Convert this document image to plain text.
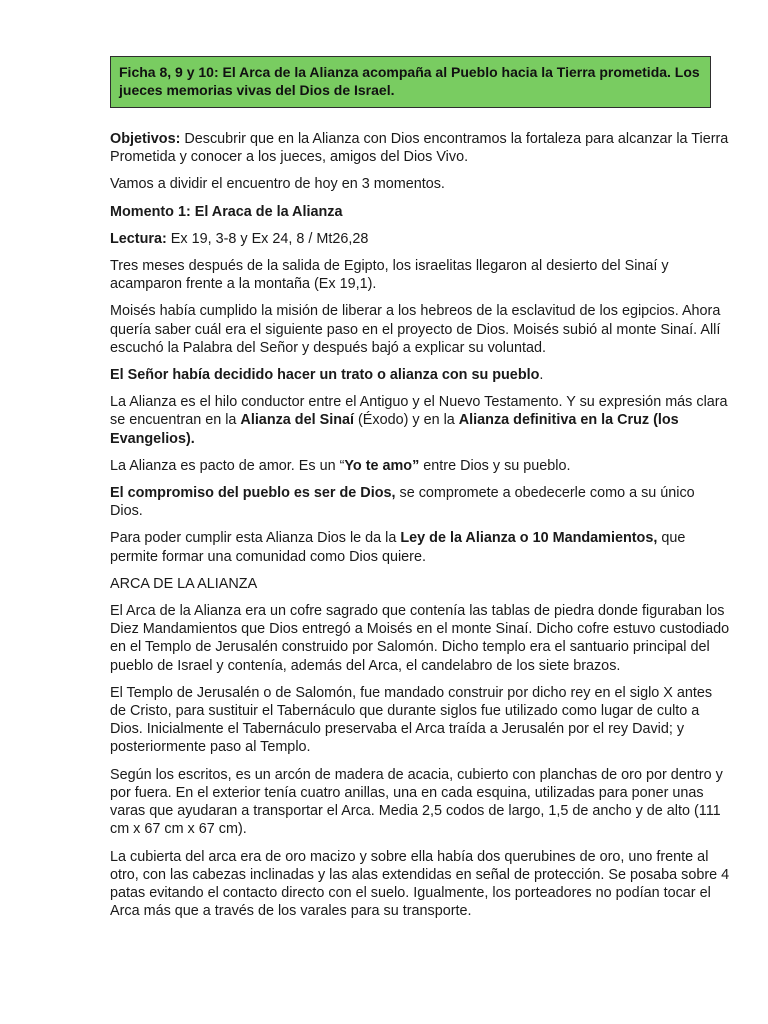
Ficha 8, 9 y 10: El Arca de la Alianza acompaña al Pueblo hacia la Tierra prometida. Los jueces memorias vivas del Dios de Israel.

Objetivos: Descubrir que en la Alianza con Dios encontramos la fortaleza para alcanzar la Tierra Prometida y conocer a los jueces, amigos del Dios Vivo.

Vamos a dividir el encuentro de hoy en 3 momentos.

Momento 1: El Araca de la Alianza

Lectura: Ex 19, 3-8 y Ex 24, 8 / Mt26,28

Tres meses después de la salida de Egipto, los israelitas llegaron al desierto del Sinaí y acamparon frente a la montaña (Ex 19,1).

Moisés había cumplido la misión de liberar a los hebreos de la esclavitud de los egipcios. Ahora quería saber cuál era el siguiente paso en el proyecto de Dios. Moisés subió al monte Sinaí. Allí escuchó la Palabra del Señor y después bajó a explicar su voluntad.

El Señor había decidido hacer un trato o alianza con su pueblo.

La Alianza es el hilo conductor entre el Antiguo y el Nuevo Testamento. Y su expresión más clara se encuentran en la Alianza del Sinaí (Éxodo) y en la Alianza definitiva en la Cruz (los Evangelios).

La Alianza es pacto de amor. Es un “Yo te amo” entre Dios y su pueblo.

El compromiso del pueblo es ser de Dios, se compromete a obedecerle como a su único Dios.

Para poder cumplir esta Alianza Dios le da la Ley de la Alianza o 10 Mandamientos, que permite formar una comunidad como Dios quiere.

ARCA DE LA ALIANZA

El Arca de la Alianza era un cofre sagrado que contenía las tablas de piedra donde figuraban los Diez Mandamientos que Dios entregó a Moisés en el monte Sinaí. Dicho cofre estuvo custodiado en el Templo de Jerusalén construido por Salomón. Dicho templo era el santuario principal del pueblo de Israel y contenía, además del Arca, el candelabro de los siete brazos.

El Templo de Jerusalén o de Salomón, fue mandado construir por dicho rey en el siglo X antes de Cristo, para sustituir el Tabernáculo que durante siglos fue utilizado como lugar de culto a Dios. Inicialmente el Tabernáculo preservaba el Arca traída a Jerusalén por el rey David; y posteriormente paso al Templo.

Según los escritos, es un arcón de madera de acacia, cubierto con planchas de oro por dentro y por fuera. En el exterior tenía cuatro anillas, una en cada esquina, utilizadas para poner unas varas que ayudaran a transportar el Arca. Media 2,5 codos de largo, 1,5 de ancho y de alto (111 cm x 67 cm x 67 cm).

La cubierta del arca era de oro macizo y sobre ella había dos querubines de oro, uno frente al otro, con las cabezas inclinadas y las alas extendidas en señal de protección. Se posaba sobre 4 patas evitando el contacto directo con el suelo. Igualmente, los porteadores no podían tocar el Arca más que a través de los varales para su transporte.
